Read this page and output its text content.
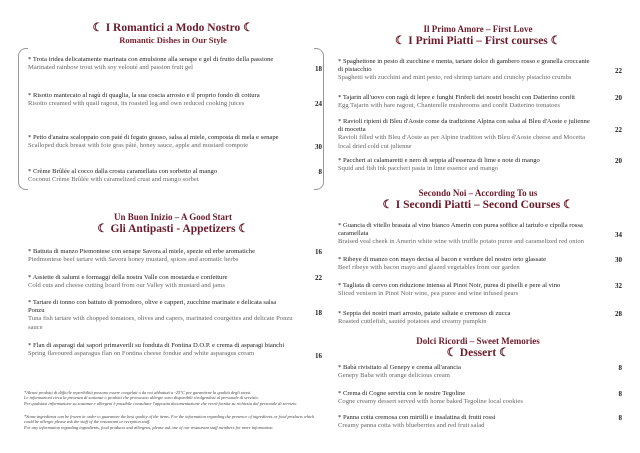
☾ I Romantici a Modo Nostro ☾
Romantic Dishes in Our Style
* Trota iridea delicatamente marinata con emulsione alla senape e gel di frutto della passione
Marinated rainbow trout with soy velouté and passion fruit gel	18
* Risotto mantecato al ragù di quaglia, la sua coscia arrosto e il proprio fondo di cottura
Risotto creamed with quail ragout, its roasted leg and own reduced cooking juices	24
* Petto d'anatra scaloppato con paté di fegato grasso, salsa al miele, composta di mela e senape
Scalloped duck breast with foie gras pâté, honey sauce, apple and mustard compote	30
* Crème Brûlée al cocco dalla crosta caramellata con sorbetto al mango
Coconut Crème Brûlée with caramelized crust and mango sorbet
8
Un Buon Inizio – A Good Start
☾ Gli Antipasti - Appetizers ☾
* Battuta di manzo Piemontese con senape Savora al miele, spezie ed erbe aromatiche
Piedmontese beef tartare with Savora honey mustard, spices and aromatic herbs
16
* Assiette di salumi e formaggi della nostra Valle con mostarda e confetture
Cold cuts and cheese cutting board from our Valley with mustard and jams
22
* Tartare di tonno con battuto di pomodoro, olive e capperi, zucchine marinate e delicata salsa Ponzu
Tuna fish tartare with chopped tomatoes, olives and capers, marinated courgettes and delicate Ponzu sauce
18
* Flan di asparagi dai sapori primaverili su fonduta di Fontina D.O.P. e crema di asparagi bianchi
Spring flavoured asparagus flan on Fontina cheese fondue and white asparagus cream	16
*Alcuni prodotti di difficile reperibilità possono essere congelati o da noi abbattuti a -25°C per garantirne la qualità degli stessi.
Le informazioni circa la presenza di sostanze o prodotti che provocano allergie sono disponibili rivolgendosi al personale di servizio.
Per qualsiasi informazione su sostanze e allergeni è possibile consultare l'apposita documentazione che verrà fornita su richiesta dal personale di servizio.
*Some ingredients can be frozen in order to guarantee the best quality of the items. For the information regarding the presence of ingredients or food products which could be allergic please ask the staff of the restaurant or reception staff.
For any information regarding ingredients, food products and allergens, please ask one of our restaurant staff members for more information.
Il Primo Amore – First Love
☾ I Primi Piatti – First courses ☾
* Spaghettone in pesto di zucchine e menta, tartare dolce di gambero rosso e granella croccante di pistacchio
Spaghetti with zucchini and mint pesto, red shrimp tartare and crunchy pistachio crumbs
22
* Tajarin all'uovo con ragù di lepre e funghi Finferli dei nostri boschi con Datterino confit
Egg Tajarin with hare ragout, Chanterelle mushrooms and confit Datterino tomatoes
20
* Ravioli ripieni di Bleu d'Aoste come da tradizione Alpina con salsa al Bleu d'Aoste e julienne di mocetta
Ravioli filled with Bleu d'Aoste as per Alpine tradition with Bleu d'Aoste cheese and Mocetta local dried cold cut julienne
22
* Paccheri ai calamaretti e nero di seppia all'essenza di lime e note di mango
Squid and fish ink paccheri pasta in lime essence and mango
20
Secondo Noi – According To us
☾ I Secondi Piatti – Second Courses ☾
* Guancia di vitello brasata al vino bianco Amerin con purea soffice al tartufo e cipolla rossa caramellata
Braised veal cheek in Amerin white wine with truffle potato puree and caramelized red onion
34
* Ribeye di manzo con mayo decisa al bacon e verdure del nostro orto glassate
Beef ribeye with bacon mayo and glazed vegetables from our garden
30
* Tagliata di cervo con riduzione intensa al Pinot Noir, purea di piselli e pere al vino
Sliced venison in Pinot Noir wine, pea puree and wine infused pears
32
* Seppia dei nostri mari arrosto, patate saltate e cremoso di zucca
Roasted cuttlefish, sautéd potatoes and creamy pumpkin
28
Dolci Ricordi – Sweet Memories
☾ Dessert ☾
* Babà rivisitato al Genepy e crema all'arancia
Genepy Baba with orange delicious cream
8
* Crema di Cogne servita con le nostre Tegoline
Cogne creamy dessert served with home baked Tegoline local cookies
8
* Panna cotta cremosa con mirtilli e insalatina di frutti rossi
Creamy panna cotta with blueberries and red fruit salad
8
